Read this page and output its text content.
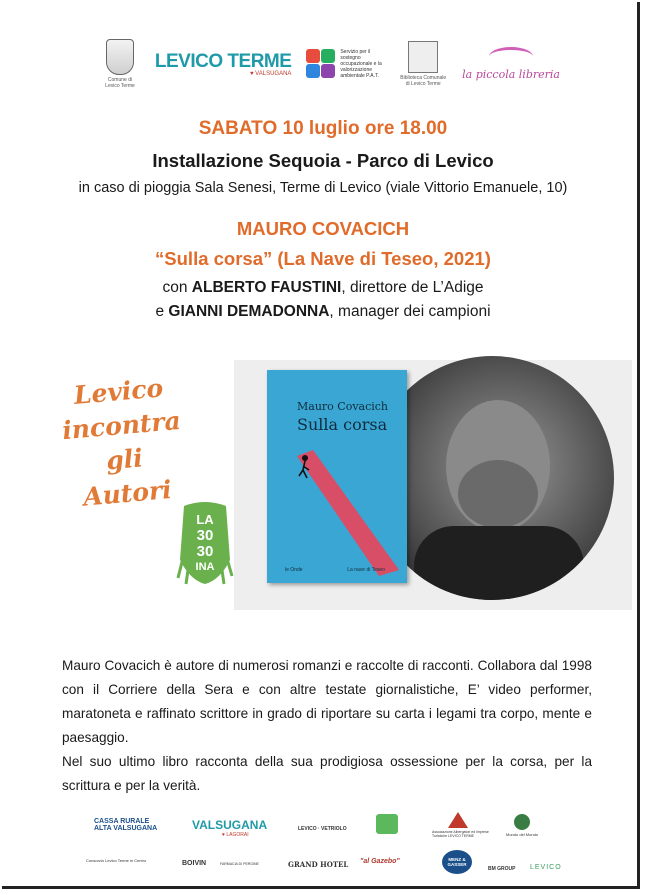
Comune di Levico Terme
LEVICO TERME
♥ VALSUGANA
Servizio per il sostegno occupazionale e la valorizzazione ambientale P.A.T.	Biblioteca Comunale di Levico Terme
la piccola libreria
SABATO 10 luglio ore 18.00
Installazione Sequoia - Parco di Levico
in caso di pioggia Sala Senesi, Terme di Levico (viale Vittorio Emanuele, 10)
MAURO COVACICH
“Sulla corsa” (La Nave di Teseo, 2021)
con ALBERTO FAUSTINI, direttore de L’Adige
e GIANNI DEMADONNA, manager dei campioni
Levico
incontra gli
Autori
LA
30
30
INA
Mauro Covacich
Sulla corsa
le Onde	La nave di Teseo

Mauro Covacich è autore di numerosi romanzi e raccolte di racconti. Collabora dal 1998 con il Corriere della Sera e con altre testate giornalistiche, E’ video performer, maratoneta e raffinato scrittore in grado di riportare su carta i legami tra corpo, mente e paesaggio.

Nel suo ultimo libro racconta della sua prodigiosa ossessione per la corsa, per la scrittura e per la verità.

CASSA RURALE
ALTA VALSUGANA	VALSUGANA
♥ LAGORAI
LEVICO · VETRIOLO	Associazione Albergatori ed Imprese Turistiche LEVICO TERME	Mondo del Mondo
Consorzio Levico Terme in Centro	BOIVIN	FARMACIA DI PERGINE	GRAND HOTEL "al Gazebo"	MENZ & GASSER
BM GROUP LEVICO
